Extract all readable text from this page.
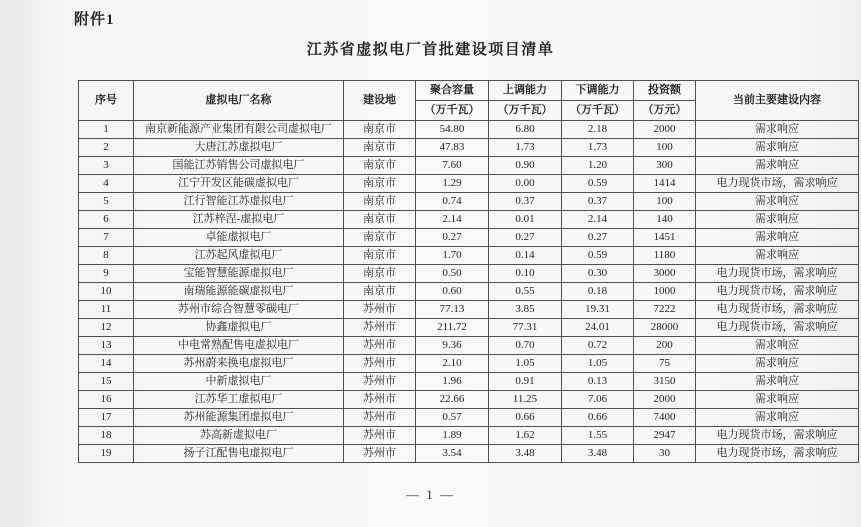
附件1
江苏省虚拟电厂首批建设项目清单
序号	虚拟电厂名称	建设地	聚合容量	上调能力	下调能力	投资额	当前主要建设内容
			（万千瓦）	（万千瓦）	（万千瓦）	（万元）	
1	南京新能源产业集团有限公司虚拟电厂	南京市	54.80	6.80	2.18	2000	需求响应
2	大唐江苏虚拟电厂	南京市	47.83	1.73	1.73	100	需求响应
3	国能江苏销售公司虚拟电厂	南京市	7.60	0.90	1.20	300	需求响应
4	江宁开发区能碳虚拟电厂	南京市	1.29	0.00	0.59	1414	电力现货市场，需求响应
5	江行智能江苏虚拟电厂	南京市	0.74	0.37	0.37	100	需求响应
6	江苏梓涅-虚拟电厂	南京市	2.14	0.01	2.14	140	需求响应
7	卓能虚拟电厂	南京市	0.27	0.27	0.27	1451	需求响应
8	江苏起风虚拟电厂	南京市	1.70	0.14	0.59	1180	需求响应
9	宝能智慧能源虚拟电厂	南京市	0.50	0.10	0.30	3000	电力现货市场，需求响应
10	南瑞能源能碳虚拟电厂	南京市	0.60	0.55	0.18	1000	电力现货市场，需求响应
11	苏州市综合智慧零碳电厂	苏州市	77.13	3.85	19.31	7222	电力现货市场，需求响应
12	协鑫虚拟电厂	苏州市	211.72	77.31	24.01	28000	电力现货市场，需求响应
13	中电常熟配售电虚拟电厂	苏州市	9.36	0.70	0.72	200	需求响应
14	苏州蔚来换电虚拟电厂	苏州市	2.10	1.05	1.05	75	需求响应
15	中新虚拟电厂	苏州市	1.96	0.91	0.13	3150	需求响应
16	江苏华工虚拟电厂	苏州市	22.66	11.25	7.06	2000	需求响应
17	苏州能源集团虚拟电厂	苏州市	0.57	0.66	0.66	7400	需求响应
18	苏高新虚拟电厂	苏州市	1.89	1.62	1.55	2947	电力现货市场，需求响应
19	扬子江配售电虚拟电厂	苏州市	3.54	3.48	3.48	30	电力现货市场，需求响应
— 1 —
